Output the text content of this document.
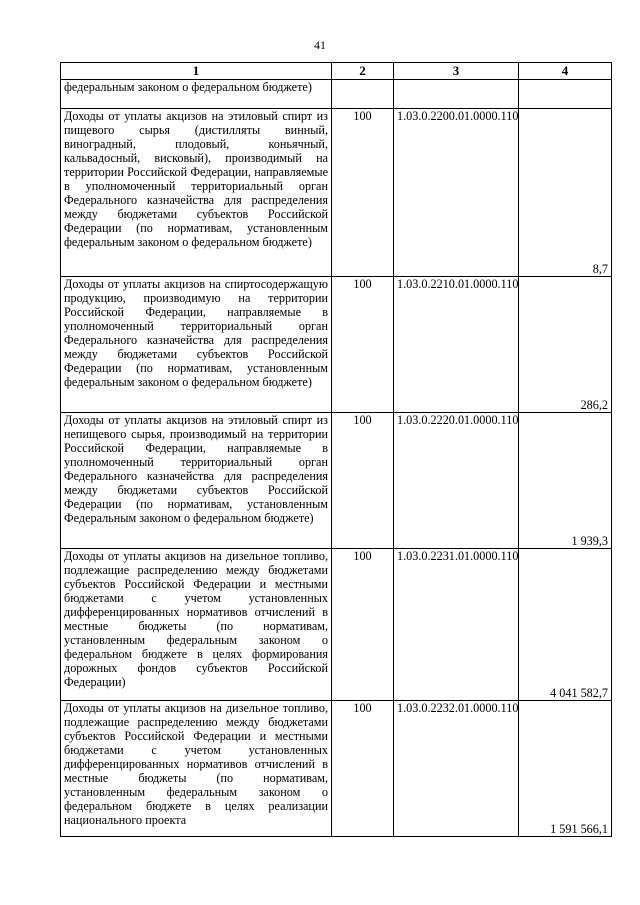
41
1	2	3	4
федеральным законом о федеральном бюджете)			
Доходы от уплаты акцизов на этиловый спирт из пищевого сырья (дистилляты винный, виноградный, плодовый, коньячный, кальвадосный, висковый), производимый на территории Российской Федерации, направляемые в уполномоченный территориальный орган Федерального казначейства для распределения между бюджетами субъектов Российской Федерации (по нормативам, установленным федеральным законом о федеральном бюджете)	100	1.03.0.2200.01.0000.110	8,7
Доходы от уплаты акцизов на спиртосодержащую продукцию, производимую на территории Российской Федерации, направляемые в уполномоченный территориальный орган Федерального казначейства для распределения между бюджетами субъектов Российской Федерации (по нормативам, установленным федеральным законом о федеральном бюджете)	100	1.03.0.2210.01.0000.110	286,2
Доходы от уплаты акцизов на этиловый спирт из непищевого сырья, производимый на территории Российской Федерации, направляемые в уполномоченный территориальный орган Федерального казначейства для распределения между бюджетами субъектов Российской Федерации (по нормативам, установленным Федеральным законом о федеральном бюджете)	100	1.03.0.2220.01.0000.110	1 939,3
Доходы от уплаты акцизов на дизельное топливо, подлежащие распределению между бюджетами субъектов Российской Федерации и местными бюджетами с учетом установленных дифференцированных нормативов отчислений в местные бюджеты (по нормативам, установленным федеральным законом о федеральном бюджете в целях формирования дорожных фондов субъектов Российской Федерации)	100	1.03.0.2231.01.0000.110	4 041 582,7
Доходы от уплаты акцизов на дизельное топливо, подлежащие распределению между бюджетами субъектов Российской Федерации и местными бюджетами с учетом установленных дифференцированных нормативов отчислений в местные бюджеты (по нормативам, установленным федеральным законом о федеральном бюджете в целях реализации национального проекта	100	1.03.0.2232.01.0000.110	1 591 566,1
